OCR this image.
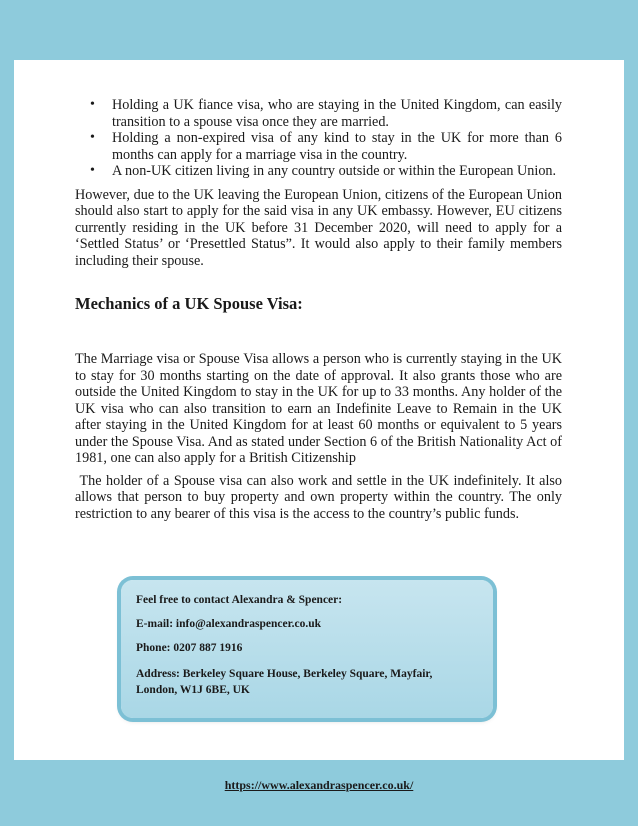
• Holding a UK fiance visa, who are staying in the United Kingdom, can easily transition to a spouse visa once they are married.
• Holding a non-expired visa of any kind to stay in the UK for more than 6 months can apply for a marriage visa in the country.
• A non-UK citizen living in any country outside or within the European Union.

However, due to the UK leaving the European Union, citizens of the European Union should also start to apply for the said visa in any UK embassy. However, EU citizens currently residing in the UK before 31 December 2020, will need to apply for a ‘Settled Status’ or ‘Presettled Status”. It would also apply to their family members including their spouse.

Mechanics of a UK Spouse Visa:

The Marriage visa or Spouse Visa allows a person who is currently staying in the UK to stay for 30 months starting on the date of approval. It also grants those who are outside the United Kingdom to stay in the UK for up to 33 months. Any holder of the UK visa who can also transition to earn an Indefinite Leave to Remain in the UK after staying in the United Kingdom for at least 60 months or equivalent to 5 years under the Spouse Visa. And as stated under Section 6 of the British Nationality Act of 1981, one can also apply for a British Citizenship

The holder of a Spouse visa can also work and settle in the UK indefinitely. It also allows that person to buy property and own property within the country. The only restriction to any bearer of this visa is the access to the country’s public funds.

Feel free to contact Alexandra & Spencer:
E-mail: info@alexandraspencer.co.uk
Phone: 0207 887 1916
Address: Berkeley Square House, Berkeley Square, Mayfair,
London, W1J 6BE, UK
https://www.alexandraspencer.co.uk/
